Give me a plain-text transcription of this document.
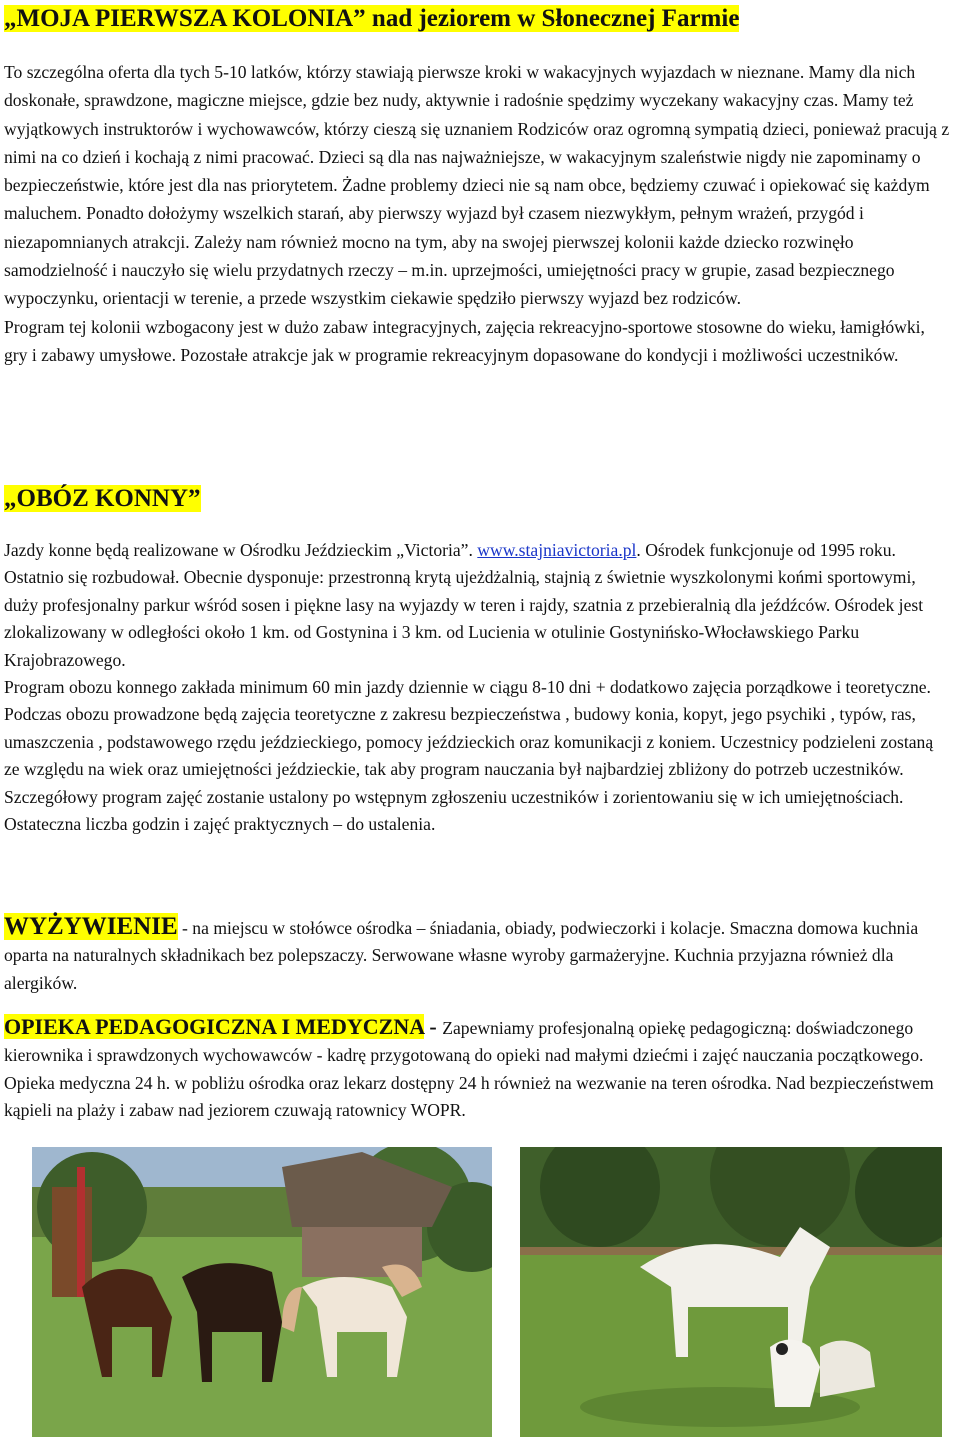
„MOJA PIERWSZA KOLONIA” nad jeziorem w Słonecznej Farmie
To szczególna oferta dla tych 5-10 latków, którzy stawiają pierwsze kroki w wakacyjnych wyjazdach w nieznane. Mamy dla nich doskonałe, sprawdzone, magiczne miejsce, gdzie bez nudy, aktywnie i radośnie spędzimy wyczekany wakacyjny czas. Mamy też wyjątkowych instruktorów i wychowawców, którzy cieszą się uznaniem Rodziców oraz ogromną sympatią dzieci, ponieważ pracują z nimi na co dzień i kochają z nimi pracować. Dzieci są dla nas najważniejsze, w wakacyjnym szaleństwie nigdy nie zapominamy o bezpieczeństwie, które jest dla nas priorytetem. Żadne problemy dzieci nie są nam obce, będziemy czuwać i opiekować się każdym maluchem. Ponadto dołożymy wszelkich starań, aby pierwszy wyjazd był czasem niezwykłym, pełnym wrażeń, przygód i niezapomnianych atrakcji. Zależy nam również mocno na tym, aby na swojej pierwszej kolonii każde dziecko rozwinęło samodzielność i nauczyło się wielu przydatnych rzeczy – m.in. uprzejmości, umiejętności pracy w grupie, zasad bezpiecznego wypoczynku, orientacji w terenie, a przede wszystkim ciekawie spędziło pierwszy wyjazd bez rodziców.
Program tej kolonii wzbogacony jest w dużo zabaw integracyjnych, zajęcia rekreacyjno-sportowe stosowne do wieku, łamigłówki, gry i zabawy umysłowe. Pozostałe atrakcje jak w programie rekreacyjnym dopasowane do kondycji i możliwości uczestników.
„OBÓZ KONNY”
Jazdy konne będą realizowane w Ośrodku Jeździeckim „Victoria”. www.stajniavictoria.pl. Ośrodek funkcjonuje od 1995 roku. Ostatnio się rozbudował. Obecnie dysponuje: przestronną krytą ujeżdżalnią, stajnią z świetnie wyszkolonymi końmi sportowymi, duży profesjonalny parkur wśród sosen i piękne lasy na wyjazdy w teren i rajdy, szatnia z przebieralnią dla jeźdźców. Ośrodek jest zlokalizowany w odległości około 1 km. od Gostynina i 3 km. od Lucienia w otulinie Gostynińsko-Włocławskiego Parku Krajobrazowego.
Program obozu konnego zakłada minimum 60 min jazdy dziennie w ciągu 8-10 dni + dodatkowo zajęcia porządkowe i teoretyczne. Podczas obozu prowadzone będą zajęcia teoretyczne z zakresu bezpieczeństwa , budowy konia, kopyt, jego psychiki , typów, ras, umaszczenia , podstawowego rzędu jeździeckiego, pomocy jeździeckich oraz komunikacji z koniem. Uczestnicy podzieleni zostaną ze względu na wiek oraz umiejętności jeździeckie, tak aby program nauczania był najbardziej zbliżony do potrzeb uczestników. Szczegółowy program zajęć zostanie ustalony po wstępnym zgłoszeniu uczestników i zorientowaniu się w ich umiejętnościach. Ostateczna liczba godzin i zajęć praktycznych – do ustalenia.
WYŻYWIENIE - na miejscu w stołówce ośrodka – śniadania, obiady, podwieczorki i kolacje. Smaczna domowa kuchnia oparta na naturalnych składnikach bez polepszaczy. Serwowane własne wyroby garmażeryjne. Kuchnia przyjazna również dla alergików.
OPIEKA PEDAGOGICZNA I MEDYCZNA - Zapewniamy profesjonalną opiekę pedagogiczną: doświadczonego kierownika i sprawdzonych wychowawców - kadrę przygotowaną do opieki nad małymi dziećmi i zajęć nauczania początkowego. Opieka medyczna 24 h. w pobliżu ośrodka oraz lekarz dostępny 24 h również na wezwanie na teren ośrodka. Nad bezpieczeństwem kąpieli na plaży i zabaw nad jeziorem czuwają ratownicy WOPR.
